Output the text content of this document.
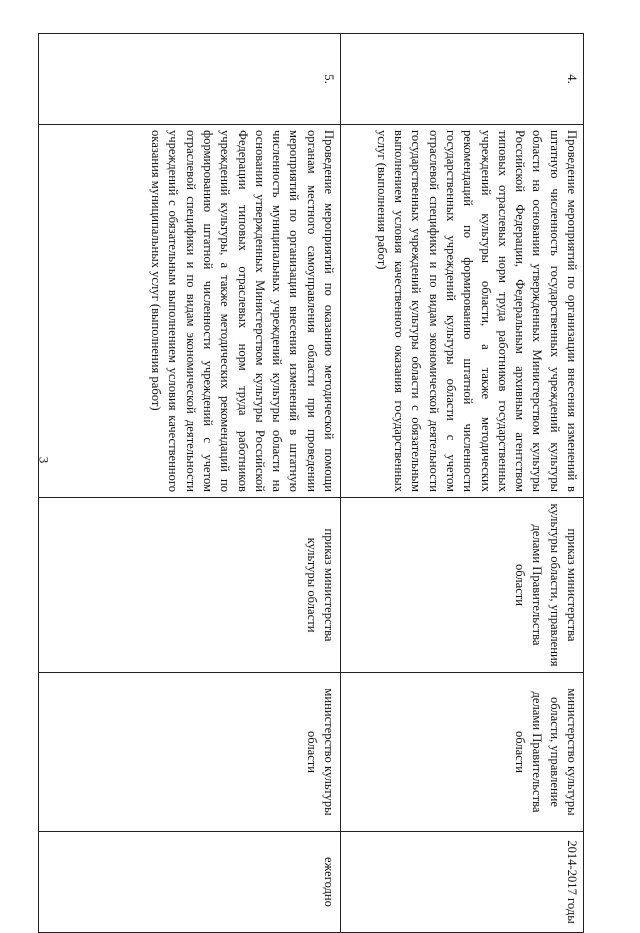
3
4.	Проведение мероприятий по организации внесения изменений в штатную численность государственных учреждений культуры области на основании утвержденных Министерством культуры Российской Федерации, Федеральным архивным агентством типовых отраслевых норм труда работников государственных учреждений культуры области, а также методических рекомендаций по формированию штатной численности государственных учреждений культуры области с учетом отраслевой специфики и по видам экономической деятельности государственных учреждений культуры области с обязательным выполнением условия качественного оказания государственных услуг (выполнения работ)	приказ министерства культуры области, управления делами Правительства области	министерство культуры области, управление делами Правительства области	2014-2017 годы

5.	Проведение мероприятий по оказанию методической помощи органам местного самоуправления области при проведении мероприятий по организации внесения изменений в штатную численность муниципальных учреждений культуры области на основании утвержденных Министерством культуры Российской Федерации типовых отраслевых норм труда работников учреждений культуры, а также методических рекомендаций по формированию штатной численности учреждений с учетом отраслевой специфики и по видам экономической деятельности учреждений с обязательным выполнением условия качественного оказания муниципальных услуг (выполнения работ)	приказ министерства культуры области	министерство культуры области	ежегодно
